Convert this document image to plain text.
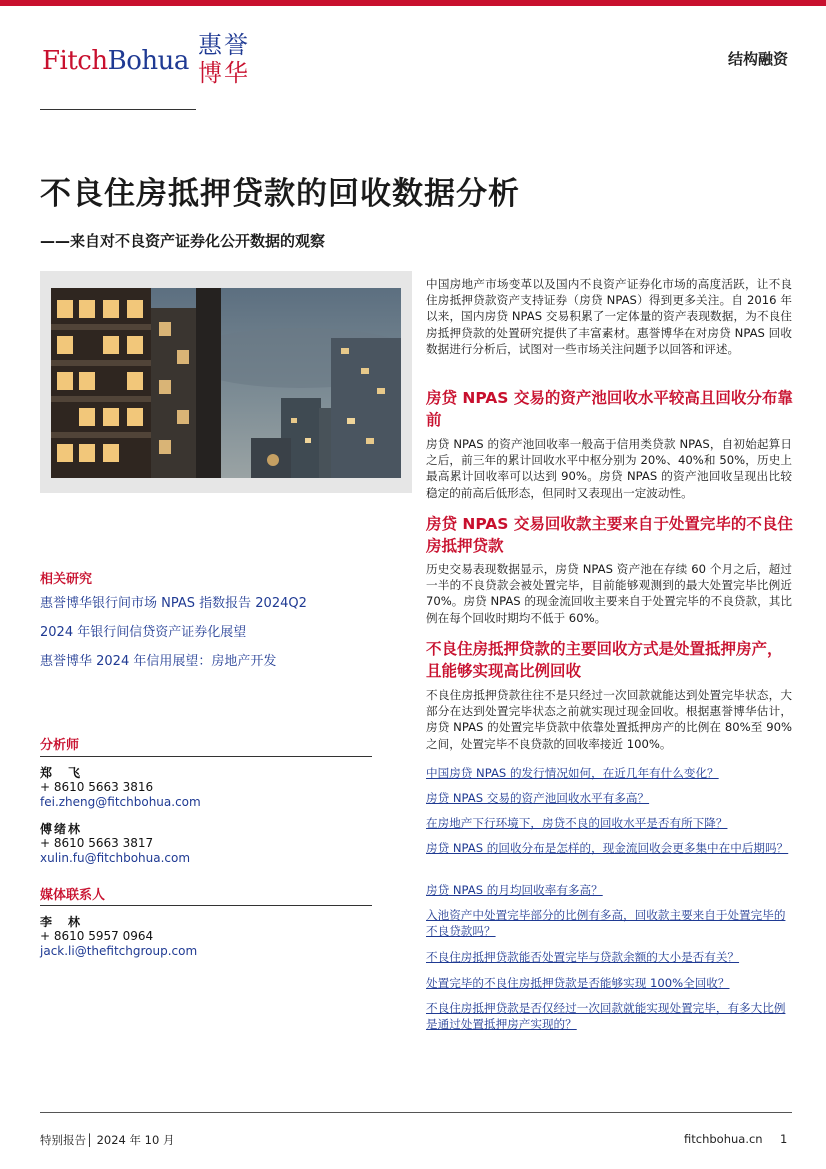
FitchBohua
惠 誉
博 华	结构融资
不良住房抵押贷款的回收数据分析
——来自对不良资产证券化公开数据的观察
相关研究
惠誉博华银行间市场 NPAS 指数报告 2024Q2
2024 年银行间信贷资产证券化展望
惠誉博华 2024 年信用展望：房地产开发
分析师
郑　飞
+ 8610 5663 3816
fei.zheng@fitchbohua.com
傅绪林
+ 8610 5663 3817
xulin.fu@fitchbohua.com
媒体联系人
李　林
+ 8610 5957 0964
jack.li@thefitchgroup.com
中国房地产市场变革以及国内不良资产证券化市场的高度活跃，让不良住房抵押贷款资产支持证券（房贷 NPAS）得到更多关注。自 2016 年以来，国内房贷 NPAS 交易积累了一定体量的资产表现数据，为不良住房抵押贷款的处置研究提供了丰富素材。惠誉博华在对房贷 NPAS 回收数据进行分析后，试图对一些市场关注问题予以回答和评述。
房贷 NPAS 交易的资产池回收水平较高且回收分布靠前
房贷 NPAS 的资产池回收率一般高于信用类贷款 NPAS，自初始起算日之后，前三年的累计回收水平中枢分别为 20%、40%和 50%，历史上最高累计回收率可以达到 90%。房贷 NPAS 的资产池回收呈现出比较稳定的前高后低形态，但同时又表现出一定波动性。
房贷 NPAS 交易回收款主要来自于处置完毕的不良住房抵押贷款
历史交易表现数据显示，房贷 NPAS 资产池在存续 60 个月之后，超过一半的不良贷款会被处置完毕，目前能够观测到的最大处置完毕比例近 70%。房贷 NPAS 的现金流回收主要来自于处置完毕的不良贷款，其比例在每个回收时期均不低于 60%。
不良住房抵押贷款的主要回收方式是处置抵押房产，且能够实现高比例回收
不良住房抵押贷款往往不是只经过一次回款就能达到处置完毕状态，大部分在达到处置完毕状态之前就实现过现金回收。根据惠誉博华估计，房贷 NPAS 的处置完毕贷款中依靠处置抵押房产的比例在 80%至 90%之间，处置完毕不良贷款的回收率接近 100%。
中国房贷 NPAS 的发行情况如何，在近几年有什么变化？
房贷 NPAS 交易的资产池回收水平有多高？
在房地产下行环境下，房贷不良的回收水平是否有所下降？
房贷 NPAS 的回收分布是怎样的，现金流回收会更多集中在中后期吗？
房贷 NPAS 的月均回收率有多高？
入池资产中处置完毕部分的比例有多高，回收款主要来自于处置完毕的不良贷款吗？
不良住房抵押贷款能否处置完毕与贷款余额的大小是否有关？
处置完毕的不良住房抵押贷款是否能够实现 100%全回收？
不良住房抵押贷款是否仅经过一次回款就能实现处置完毕，有多大比例是通过处置抵押房产实现的？
特别报告│ 2024 年 10 月	fitchbohua.cn 1
